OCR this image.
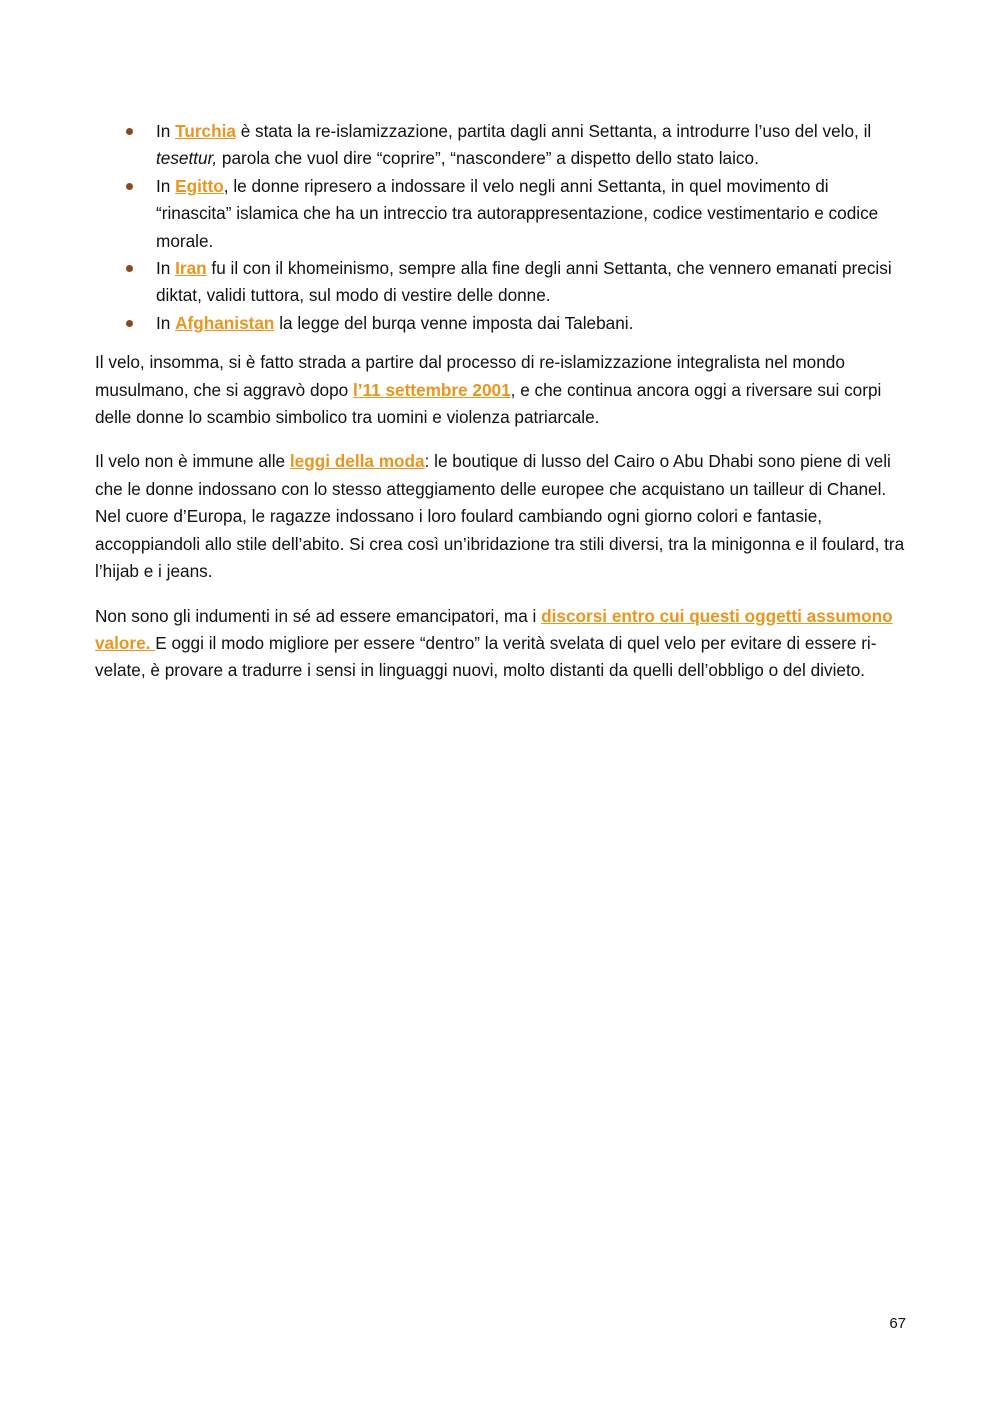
In Turchia è stata la re-islamizzazione, partita dagli anni Settanta, a introdurre l’uso del velo, il tesettur, parola che vuol dire “coprire”, “nascondere” a dispetto dello stato laico.
In Egitto, le donne ripresero a indossare il velo negli anni Settanta, in quel movimento di “rinascita” islamica che ha un intreccio tra autorappresentazione, codice vestimentario e codice morale.
In Iran fu il con il khomeinismo, sempre alla fine degli anni Settanta, che vennero emanati precisi diktat, validi tuttora, sul modo di vestire delle donne.
In Afghanistan la legge del burqa venne imposta dai Talebani.

Il velo, insomma, si è fatto strada a partire dal processo di re-islamizzazione integralista nel mondo musulmano, che si aggravò dopo l’11 settembre 2001, e che continua ancora oggi a riversare sui corpi delle donne lo scambio simbolico tra uomini e violenza patriarcale.

Il velo non è immune alle leggi della moda: le boutique di lusso del Cairo o Abu Dhabi sono piene di veli che le donne indossano con lo stesso atteggiamento delle europee che acquistano un tailleur di Chanel. Nel cuore d’Europa, le ragazze indossano i loro foulard cambiando ogni giorno colori e fantasie, accoppiandoli allo stile dell’abito. Si crea così un’ibridazione tra stili diversi, tra la minigonna e il foulard, tra l’hijab e i jeans.

Non sono gli indumenti in sé ad essere emancipatori, ma i discorsi entro cui questi oggetti assumono valore. E oggi il modo migliore per essere “dentro” la verità svelata di quel velo per evitare di essere ri-velate, è provare a tradurre i sensi in linguaggi nuovi, molto distanti da quelli dell’obbligo o del divieto.

67
